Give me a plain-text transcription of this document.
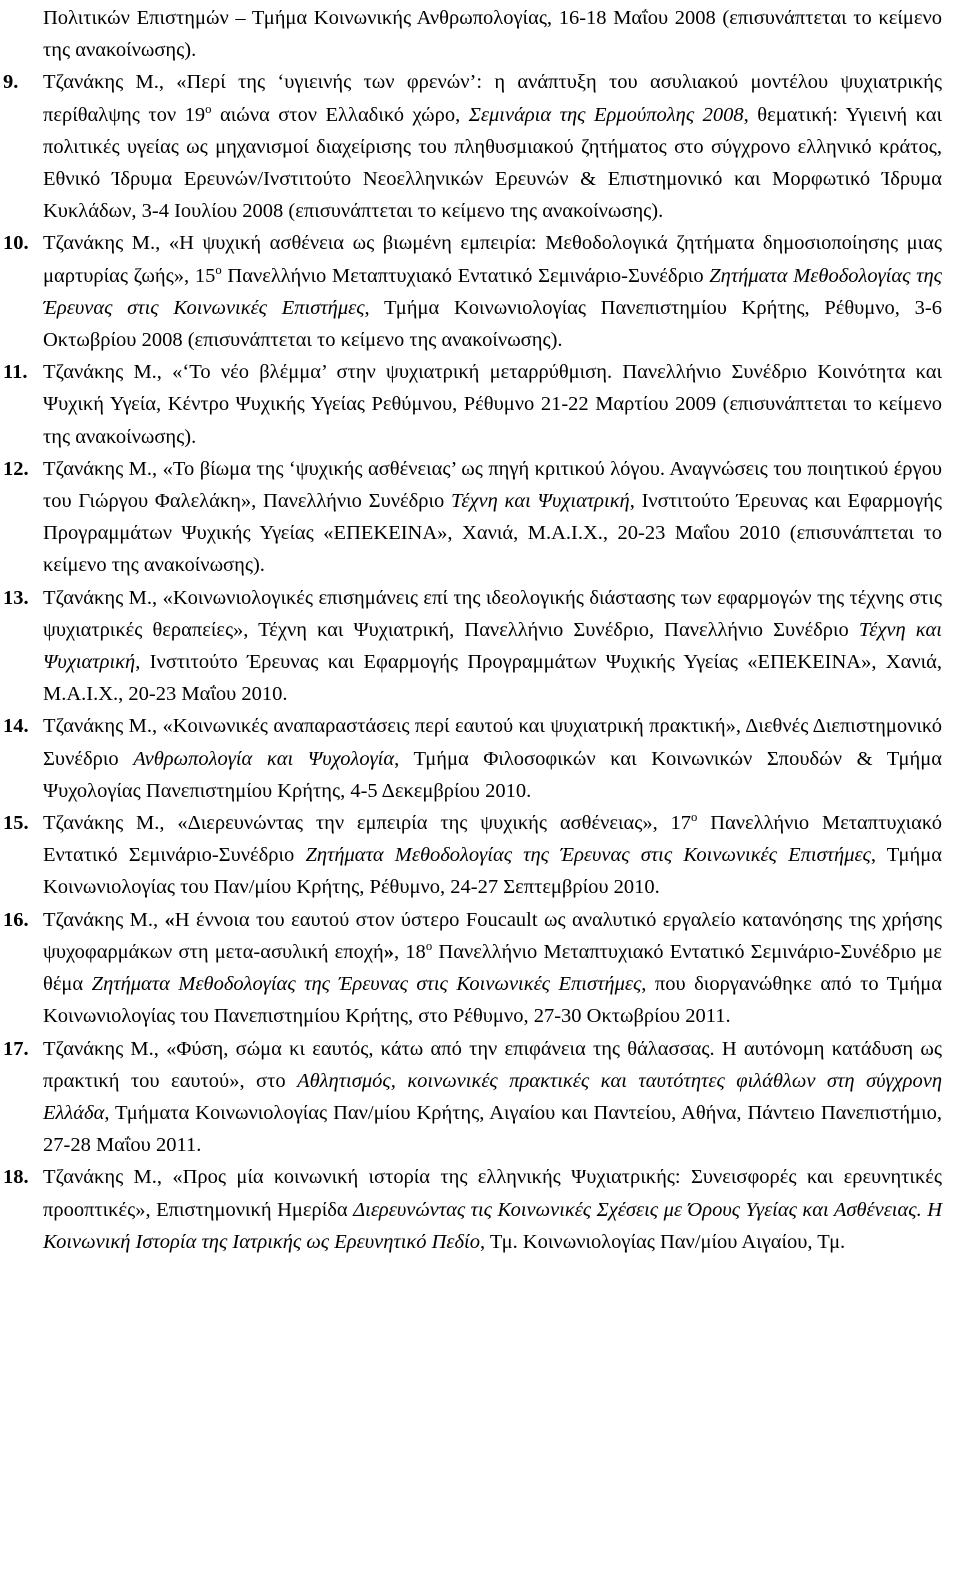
Πολιτικών Επιστημών – Τμήμα Κοινωνικής Ανθρωπολογίας, 16-18 Μαΐου 2008 (επισυνάπτεται το κείμενο της ανακοίνωσης).

9. Τζανάκης Μ., «Περί της ‘υγιεινής των φρενών’: η ανάπτυξη του ασυλιακού μοντέλου ψυχιατρικής περίθαλψης τον $19^o$ αιώνα στον Ελλαδικό χώρο, Σεμινάρια της Ερμούπολης 2008, θεματική: Υγιεινή και πολιτικές υγείας ως μηχανισμοί διαχείρισης του πληθυσμιακού ζητήματος στο σύγχρονο ελληνικό κράτος, Εθνικό Ίδρυμα Ερευνών/Ινστιτούτο Νεοελληνικών Ερευνών & Επιστημονικό και Μορφωτικό Ίδρυμα Κυκλάδων, 3-4 Ιουλίου 2008 (επισυνάπτεται το κείμενο της ανακοίνωσης).

10. Τζανάκης Μ., «Η ψυχική ασθένεια ως βιωμένη εμπειρία: Μεθοδολογικά ζητήματα δημοσιοποίησης μιας μαρτυρίας ζωής», $15^o$ Πανελλήνιο Μεταπτυχιακό Εντατικό Σεμινάριο-Συνέδριο Ζητήματα Μεθοδολογίας της Έρευνας στις Κοινωνικές Επιστήμες, Τμήμα Κοινωνιολογίας Πανεπιστημίου Κρήτης, Ρέθυμνο, 3-6 Οκτωβρίου 2008 (επισυνάπτεται το κείμενο της ανακοίνωσης).

11. Τζανάκης Μ., «‘Το νέο βλέμμα’ στην ψυχιατρική μεταρρύθμιση. Πανελλήνιο Συνέδριο Κοινότητα και Ψυχική Υγεία, Κέντρο Ψυχικής Υγείας Ρεθύμνου, Ρέθυμνο 21-22 Μαρτίου 2009 (επισυνάπτεται το κείμενο της ανακοίνωσης).

12. Τζανάκης Μ., «Το βίωμα της ‘ψυχικής ασθένειας’ ως πηγή κριτικού λόγου. Αναγνώσεις του ποιητικού έργου του Γιώργου Φαλελάκη», Πανελλήνιο Συνέδριο Τέχνη και Ψυχιατρική, Ινστιτούτο Έρευνας και Εφαρμογής Προγραμμάτων Ψυχικής Υγείας «ΕΠΕΚΕΙΝΑ», Χανιά, Μ.Α.Ι.Χ., 20-23 Μαΐου 2010 (επισυνάπτεται το κείμενο της ανακοίνωσης).

13. Τζανάκης Μ., «Κοινωνιολογικές επισημάνεις επί της ιδεολογικής διάστασης των εφαρμογών της τέχνης στις ψυχιατρικές θεραπείες», Τέχνη και Ψυχιατρική, Πανελλήνιο Συνέδριο, Πανελλήνιο Συνέδριο Τέχνη και Ψυχιατρική, Ινστιτούτο Έρευνας και Εφαρμογής Προγραμμάτων Ψυχικής Υγείας «ΕΠΕΚΕΙΝΑ», Χανιά, Μ.Α.Ι.Χ., 20-23 Μαΐου 2010.

14. Τζανάκης Μ., «Κοινωνικές αναπαραστάσεις περί εαυτού και ψυχιατρική πρακτική», Διεθνές Διεπιστημονικό Συνέδριο Ανθρωπολογία και Ψυχολογία, Τμήμα Φιλοσοφικών και Κοινωνικών Σπουδών & Τμήμα Ψυχολογίας Πανεπιστημίου Κρήτης, 4-5 Δεκεμβρίου 2010.

15. Τζανάκης Μ., «Διερευνώντας την εμπειρία της ψυχικής ασθένειας», $17^o$ Πανελλήνιο Μεταπτυχιακό Εντατικό Σεμινάριο-Συνέδριο Ζητήματα Μεθοδολογίας της Έρευνας στις Κοινωνικές Επιστήμες, Τμήμα Κοινωνιολογίας του Παν/μίου Κρήτης, Ρέθυμνο, 24-27 Σεπτεμβρίου 2010.

16. Τζανάκης Μ., «Η έννοια του εαυτού στον ύστερο Foucault ως αναλυτικό εργαλείο κατανόησης της χρήσης ψυχοφαρμάκων στη μετα-ασυλική εποχή», $18^o$ Πανελλήνιο Μεταπτυχιακό Εντατικό Σεμινάριο-Συνέδριο με θέμα Ζητήματα Μεθοδολογίας της Έρευνας στις Κοινωνικές Επιστήμες, που διοργανώθηκε από το Τμήμα Κοινωνιολογίας του Πανεπιστημίου Κρήτης, στο Ρέθυμνο, 27-30 Οκτωβρίου 2011.

17. Τζανάκης Μ., «Φύση, σώμα κι εαυτός, κάτω από την επιφάνεια της θάλασσας. Η αυτόνομη κατάδυση ως πρακτική του εαυτού», στο Αθλητισμός, κοινωνικές πρακτικές και ταυτότητες φιλάθλων στη σύγχρονη Ελλάδα, Τμήματα Κοινωνιολογίας Παν/μίου Κρήτης, Αιγαίου και Παντείου, Αθήνα, Πάντειο Πανεπιστήμιο, 27-28 Μαΐου 2011.

18. Τζανάκης Μ., «Προς μία κοινωνική ιστορία της ελληνικής Ψυχιατρικής: Συνεισφορές και ερευνητικές προοπτικές», Επιστημονική Ημερίδα Διερευνώντας τις Κοινωνικές Σχέσεις με Όρους Υγείας και Ασθένειας. Η Κοινωνική Ιστορία της Ιατρικής ως Ερευνητικό Πεδίο, Τμ. Κοινωνιολογίας Παν/μίου Αιγαίου, Τμ.
